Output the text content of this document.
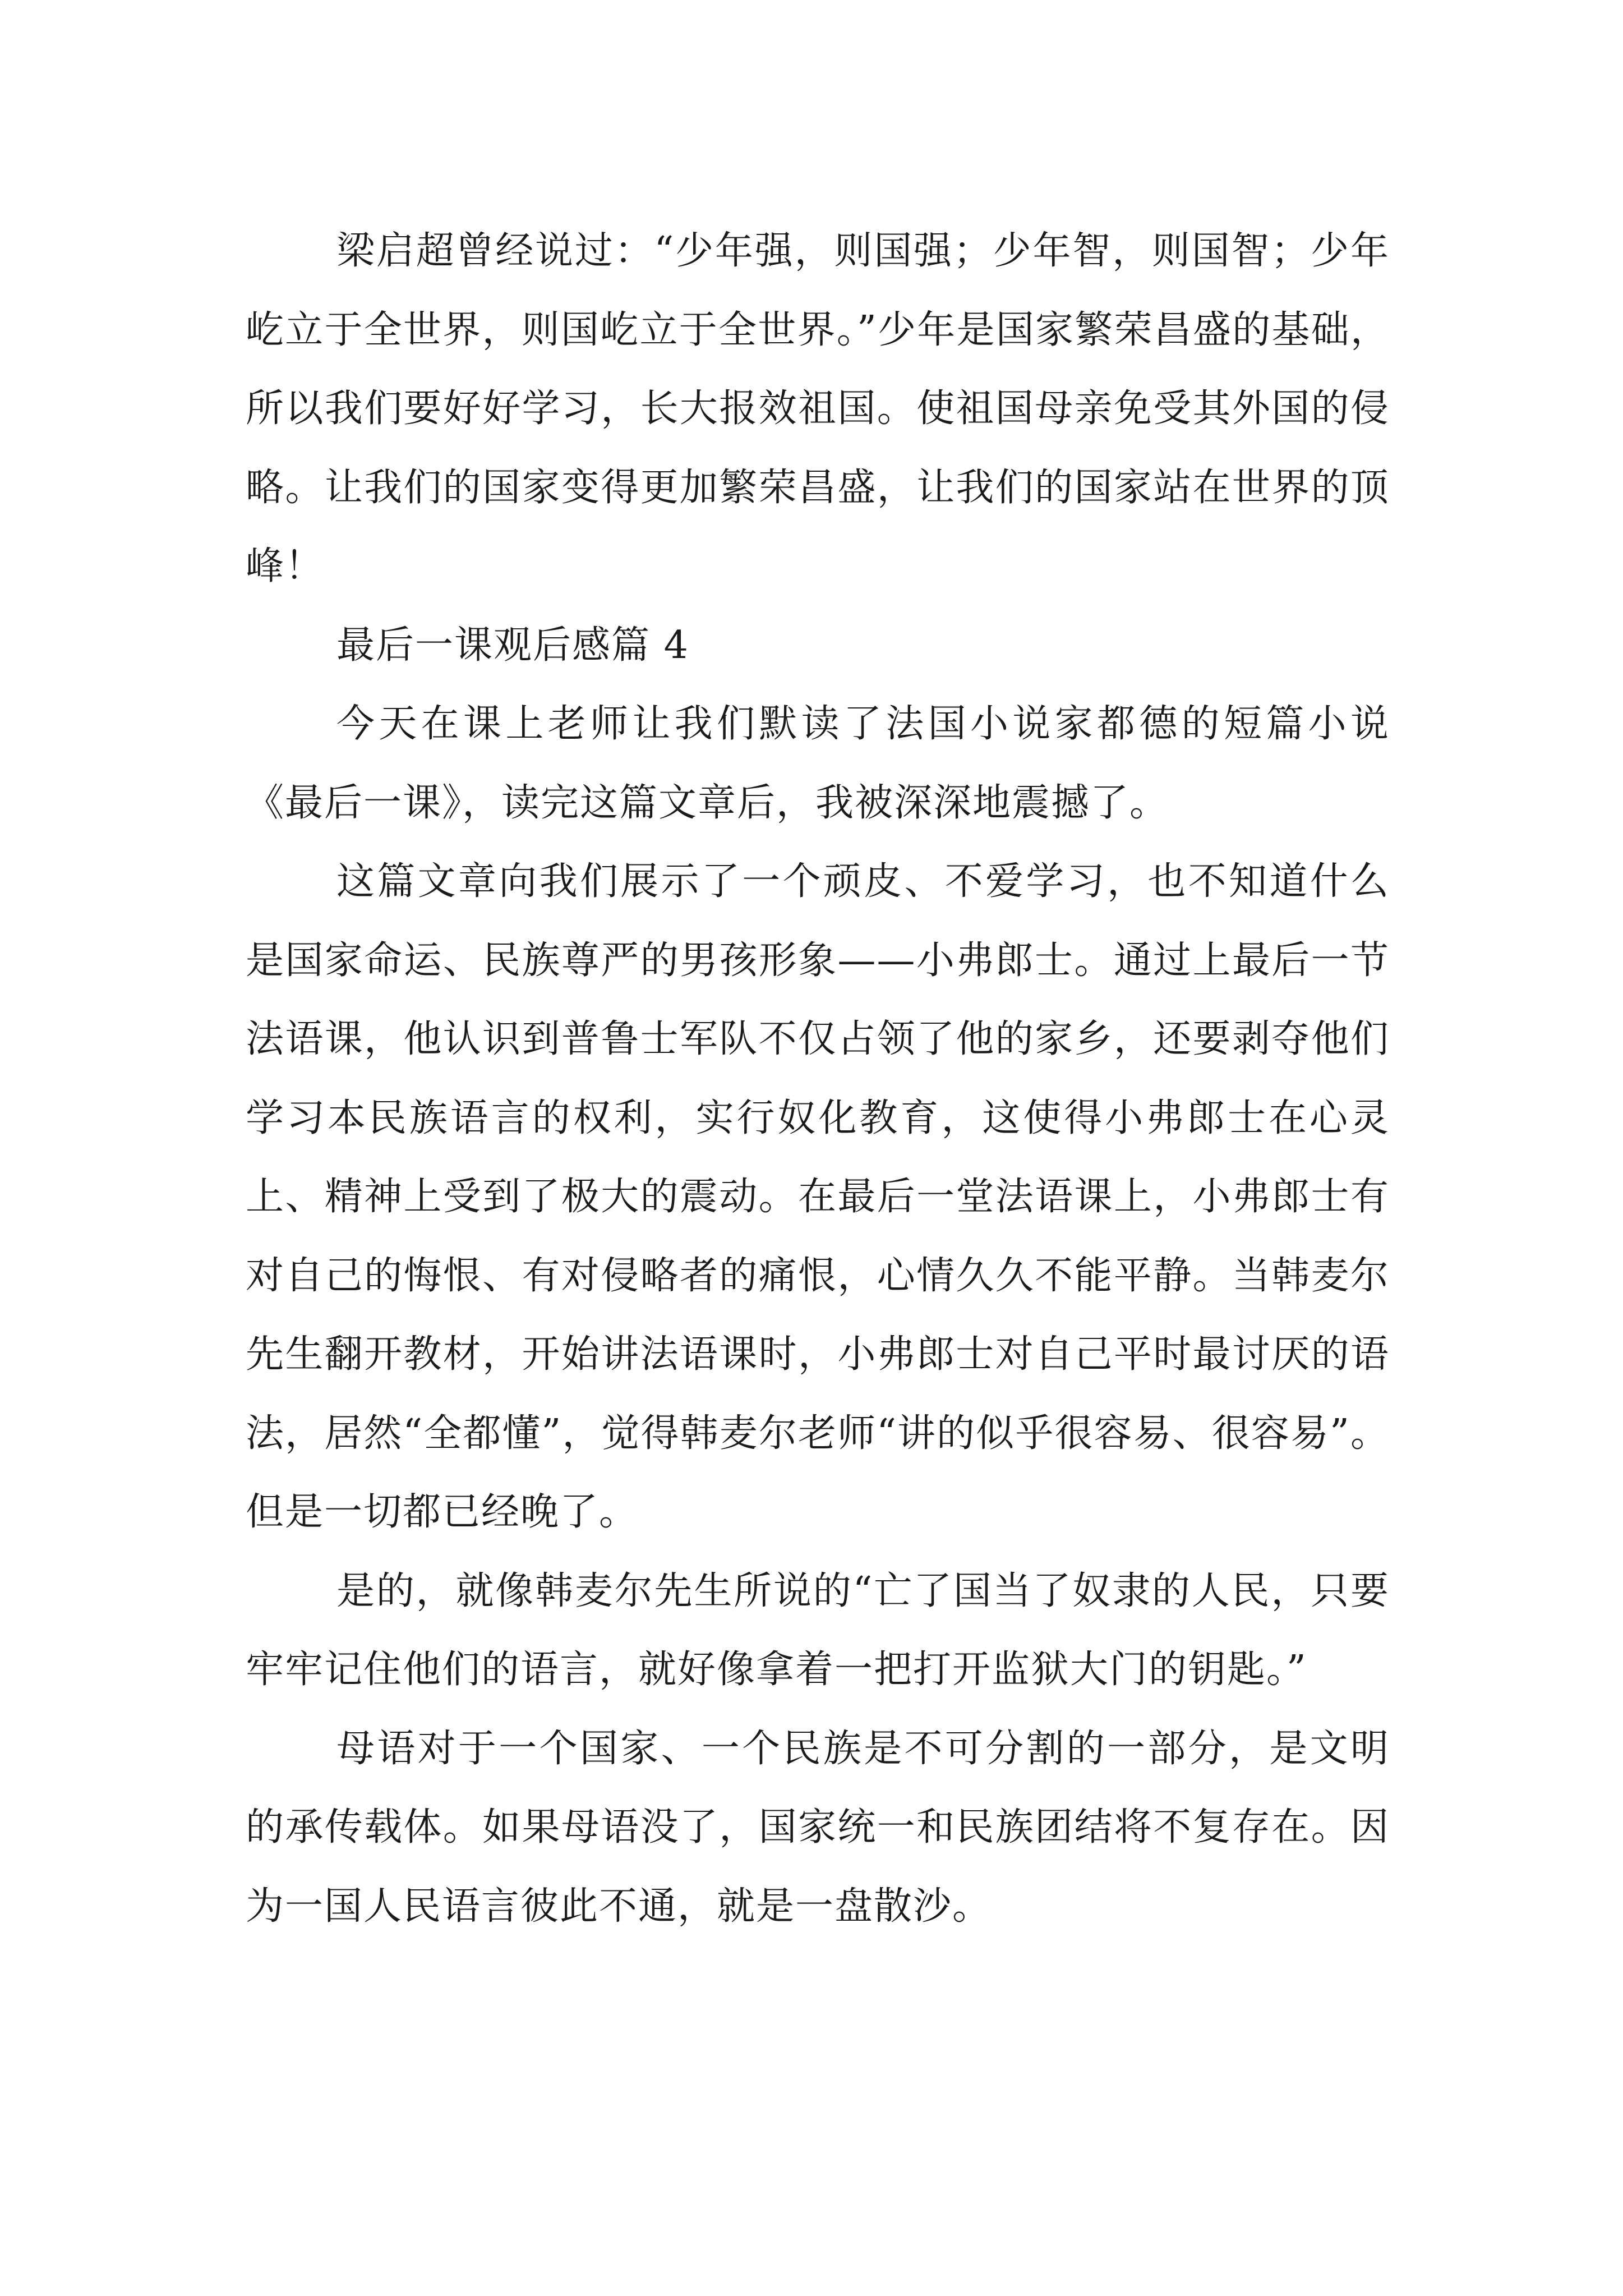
梁启超曾经说过：“少年强，则国强；少年智，则国智；少年屹立于全世界，则国屹立于全世界。”少年是国家繁荣昌盛的基础，所以我们要好好学习，长大报效祖国。使祖国母亲免受其外国的侵略。让我们的国家变得更加繁荣昌盛，让我们的国家站在世界的顶峰！

最后一课观后感篇 4

今天在课上老师让我们默读了法国小说家都德的短篇小说《最后一课》，读完这篇文章后，我被深深地震撼了。

这篇文章向我们展示了一个顽皮、不爱学习，也不知道什么是国家命运、民族尊严的男孩形象——小弗郎士。通过上最后一节法语课，他认识到普鲁士军队不仅占领了他的家乡，还要剥夺他们学习本民族语言的权利，实行奴化教育，这使得小弗郎士在心灵上、精神上受到了极大的震动。在最后一堂法语课上，小弗郎士有对自己的悔恨、有对侵略者的痛恨，心情久久不能平静。当韩麦尔先生翻开教材，开始讲法语课时，小弗郎士对自己平时最讨厌的语法，居然“全都懂”，觉得韩麦尔老师“讲的似乎很容易、很容易”。但是一切都已经晚了。

是的，就像韩麦尔先生所说的“亡了国当了奴隶的人民，只要牢牢记住他们的语言，就好像拿着一把打开监狱大门的钥匙。”

母语对于一个国家、一个民族是不可分割的一部分，是文明的承传载体。如果母语没了，国家统一和民族团结将不复存在。因为一国人民语言彼此不通，就是一盘散沙。
